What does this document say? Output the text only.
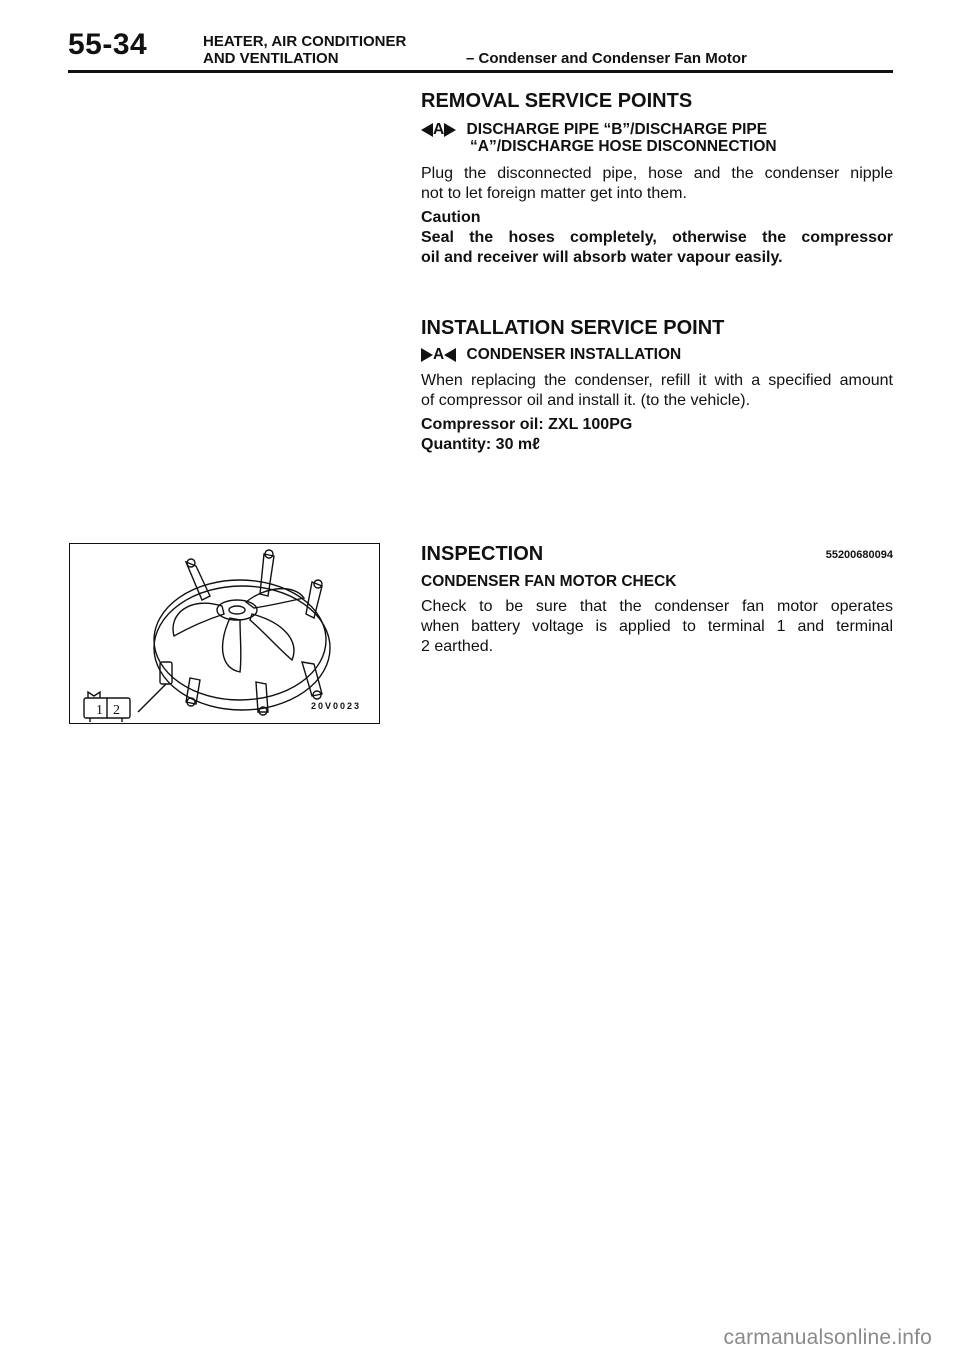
55-34	HEATER, AIR CONDITIONER
AND VENTILATION	– Condenser and Condenser Fan Motor
REMOVAL SERVICE POINTS
A DISCHARGE PIPE “B”/DISCHARGE PIPE
“A”/DISCHARGE HOSE DISCONNECTION
Plug the disconnected pipe, hose and the condenser nipple
not to let foreign matter get into them.
Caution
Seal the hoses completely, otherwise the compressor
oil and receiver will absorb water vapour easily.
INSTALLATION SERVICE POINT
A CONDENSER INSTALLATION
When replacing the condenser, refill it with a specified amount
of compressor oil and install it. (to the vehicle).
Compressor oil: ZXL 100PG
Quantity: 30 mℓ
INSPECTION	55200680094
CONDENSER FAN MOTOR CHECK
Check to be sure that the condenser fan motor operates
when battery voltage is applied to terminal 1 and terminal
2 earthed.
1 2	20V0023
carmanualsonline.info
